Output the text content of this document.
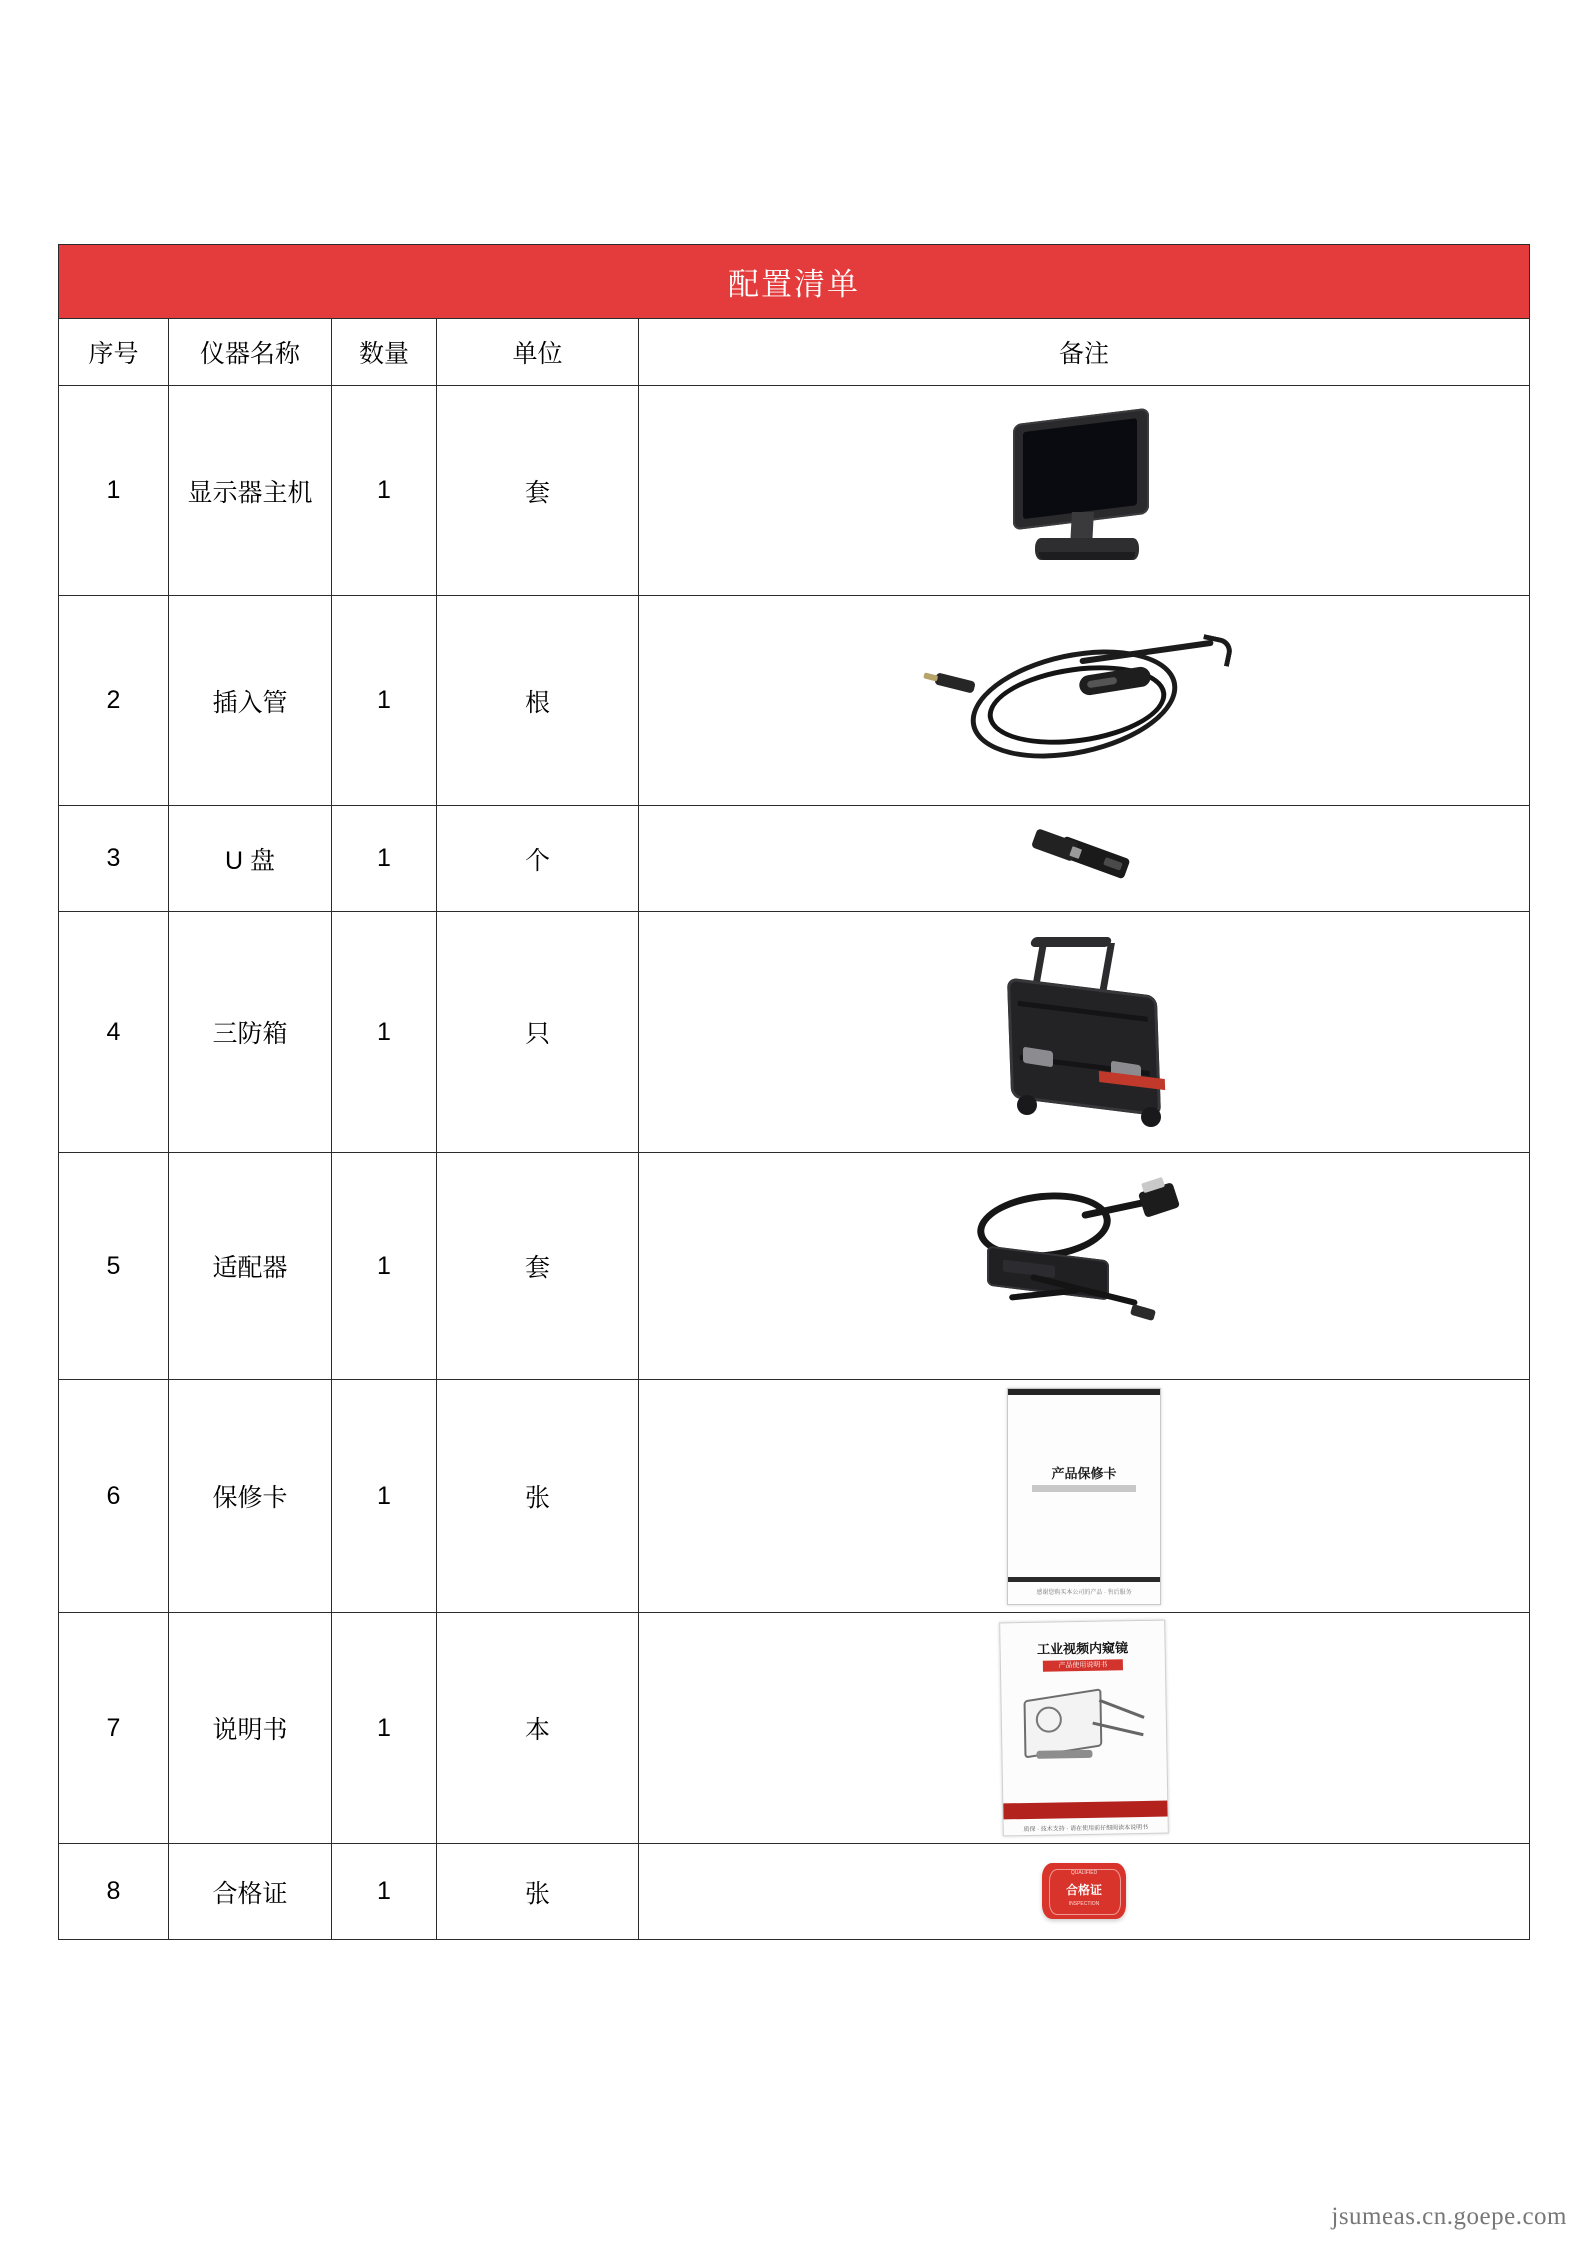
配置清单				
序号	仪器名称	数量	单位	备注
1	显示器主机	1	套	

2	插入管	1	根	

3	U 盘	1	个	

4	三防箱	1	只	

5	适配器	1	套	

6	保修卡	1	张	产品保修卡
感谢您购买本公司的产品 · 售后服务

7	说明书	1	本	工业视频内窥镜
产品使用说明书
质保 · 技术支持 · 请在使用前仔细阅读本说明书

8	合格证	1	张	QUALIFIED
合格证
INSPECTION
jsumeas.cn.goepe.com
